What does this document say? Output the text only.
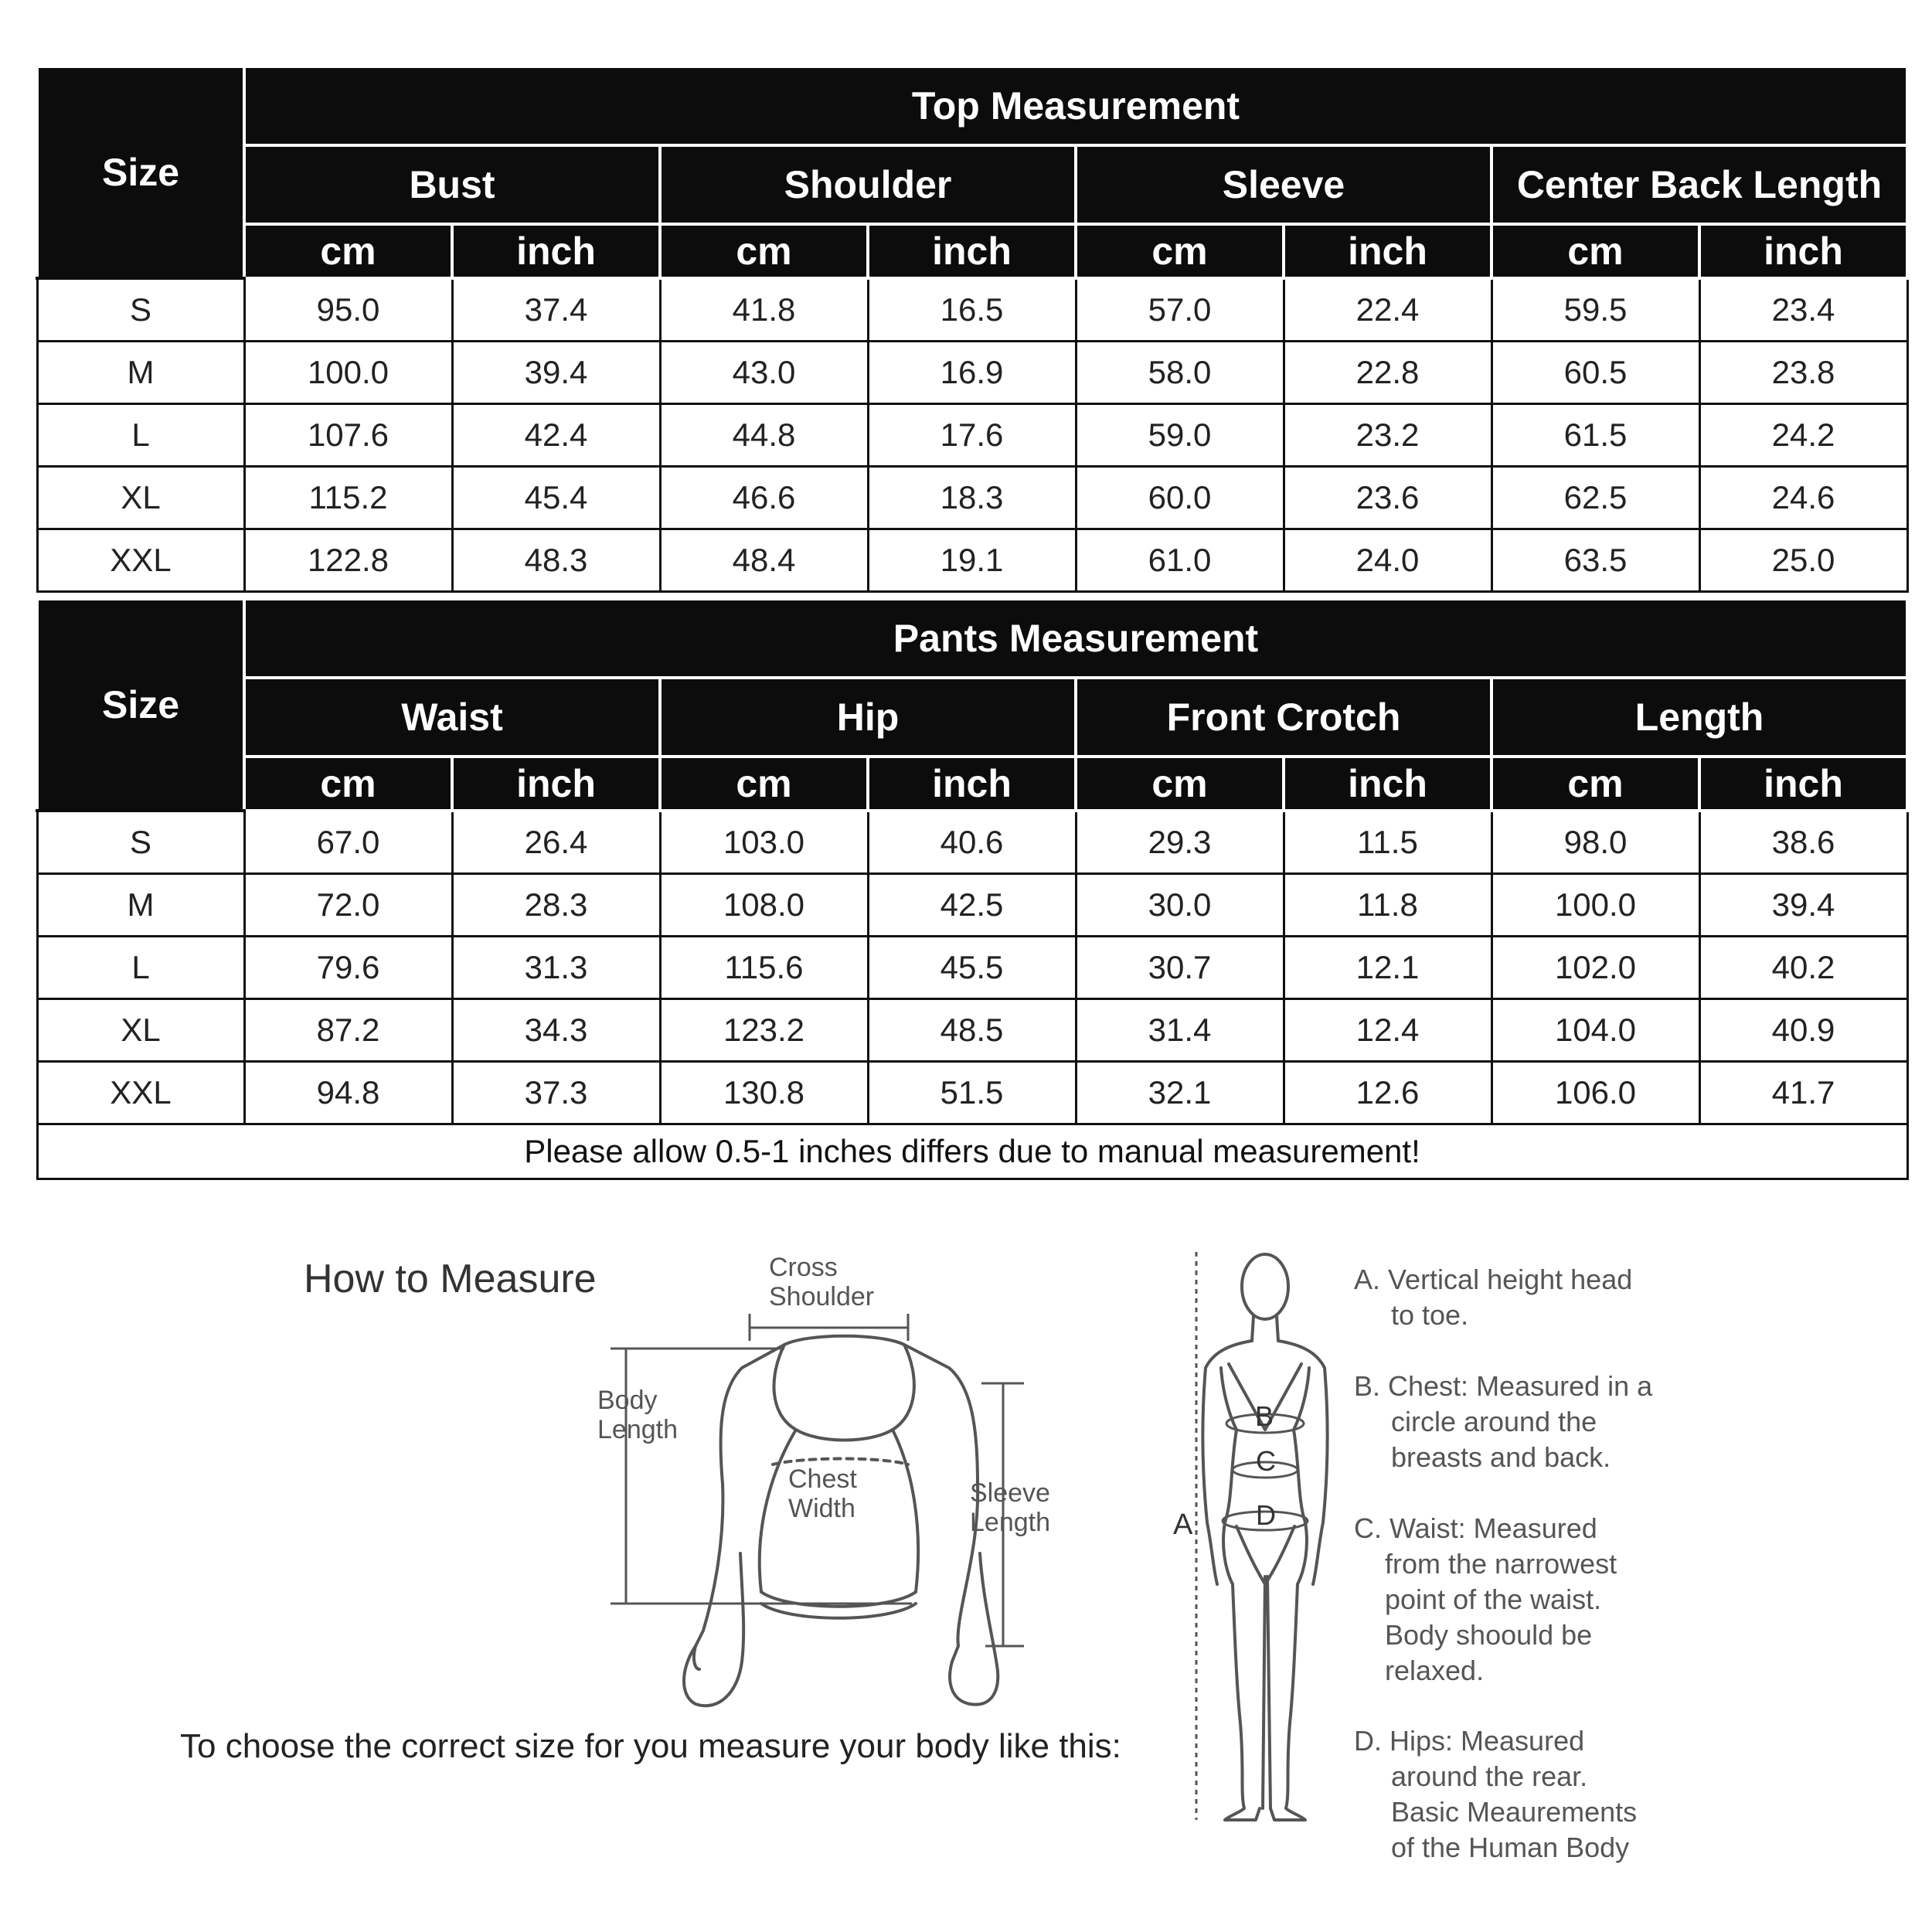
Size	Top Measurement							
	Bust		Shoulder		Sleeve		Center Back Length	
	cm	inch	cm	inch	cm	inch	cm	inch
S	95.0	37.4	41.8	16.5	57.0	22.4	59.5	23.4
M	100.0	39.4	43.0	16.9	58.0	22.8	60.5	23.8
L	107.6	42.4	44.8	17.6	59.0	23.2	61.5	24.2
XL	115.2	45.4	46.6	18.3	60.0	23.6	62.5	24.6
XXL	122.8	48.3	48.4	19.1	61.0	24.0	63.5	25.0
Size	Pants Measurement							
	Waist		Hip		Front Crotch		Length	
	cm	inch	cm	inch	cm	inch	cm	inch
S	67.0	26.4	103.0	40.6	29.3	11.5	98.0	38.6
M	72.0	28.3	108.0	42.5	30.0	11.8	100.0	39.4
L	79.6	31.3	115.6	45.5	30.7	12.1	102.0	40.2
XL	87.2	34.3	123.2	48.5	31.4	12.4	104.0	40.9
XXL	94.8	37.3	130.8	51.5	32.1	12.6	106.0	41.7
Please allow 0.5-1 inches differs due to manual measurement!								
How to Measure
To choose the correct size for you measure your body like this:
Cross
Shoulder
Body
Length
Chest
Width
Sleeve
Length	A
B
C
D
A. Vertical height head
to toe.
B. Chest: Measured in a
circle around the
breasts and back.
C. Waist: Measured
from the narrowest
point of the waist.
Body shoould be
relaxed.
D. Hips: Measured
around the rear.
Basic Meaurements
of the Human Body
